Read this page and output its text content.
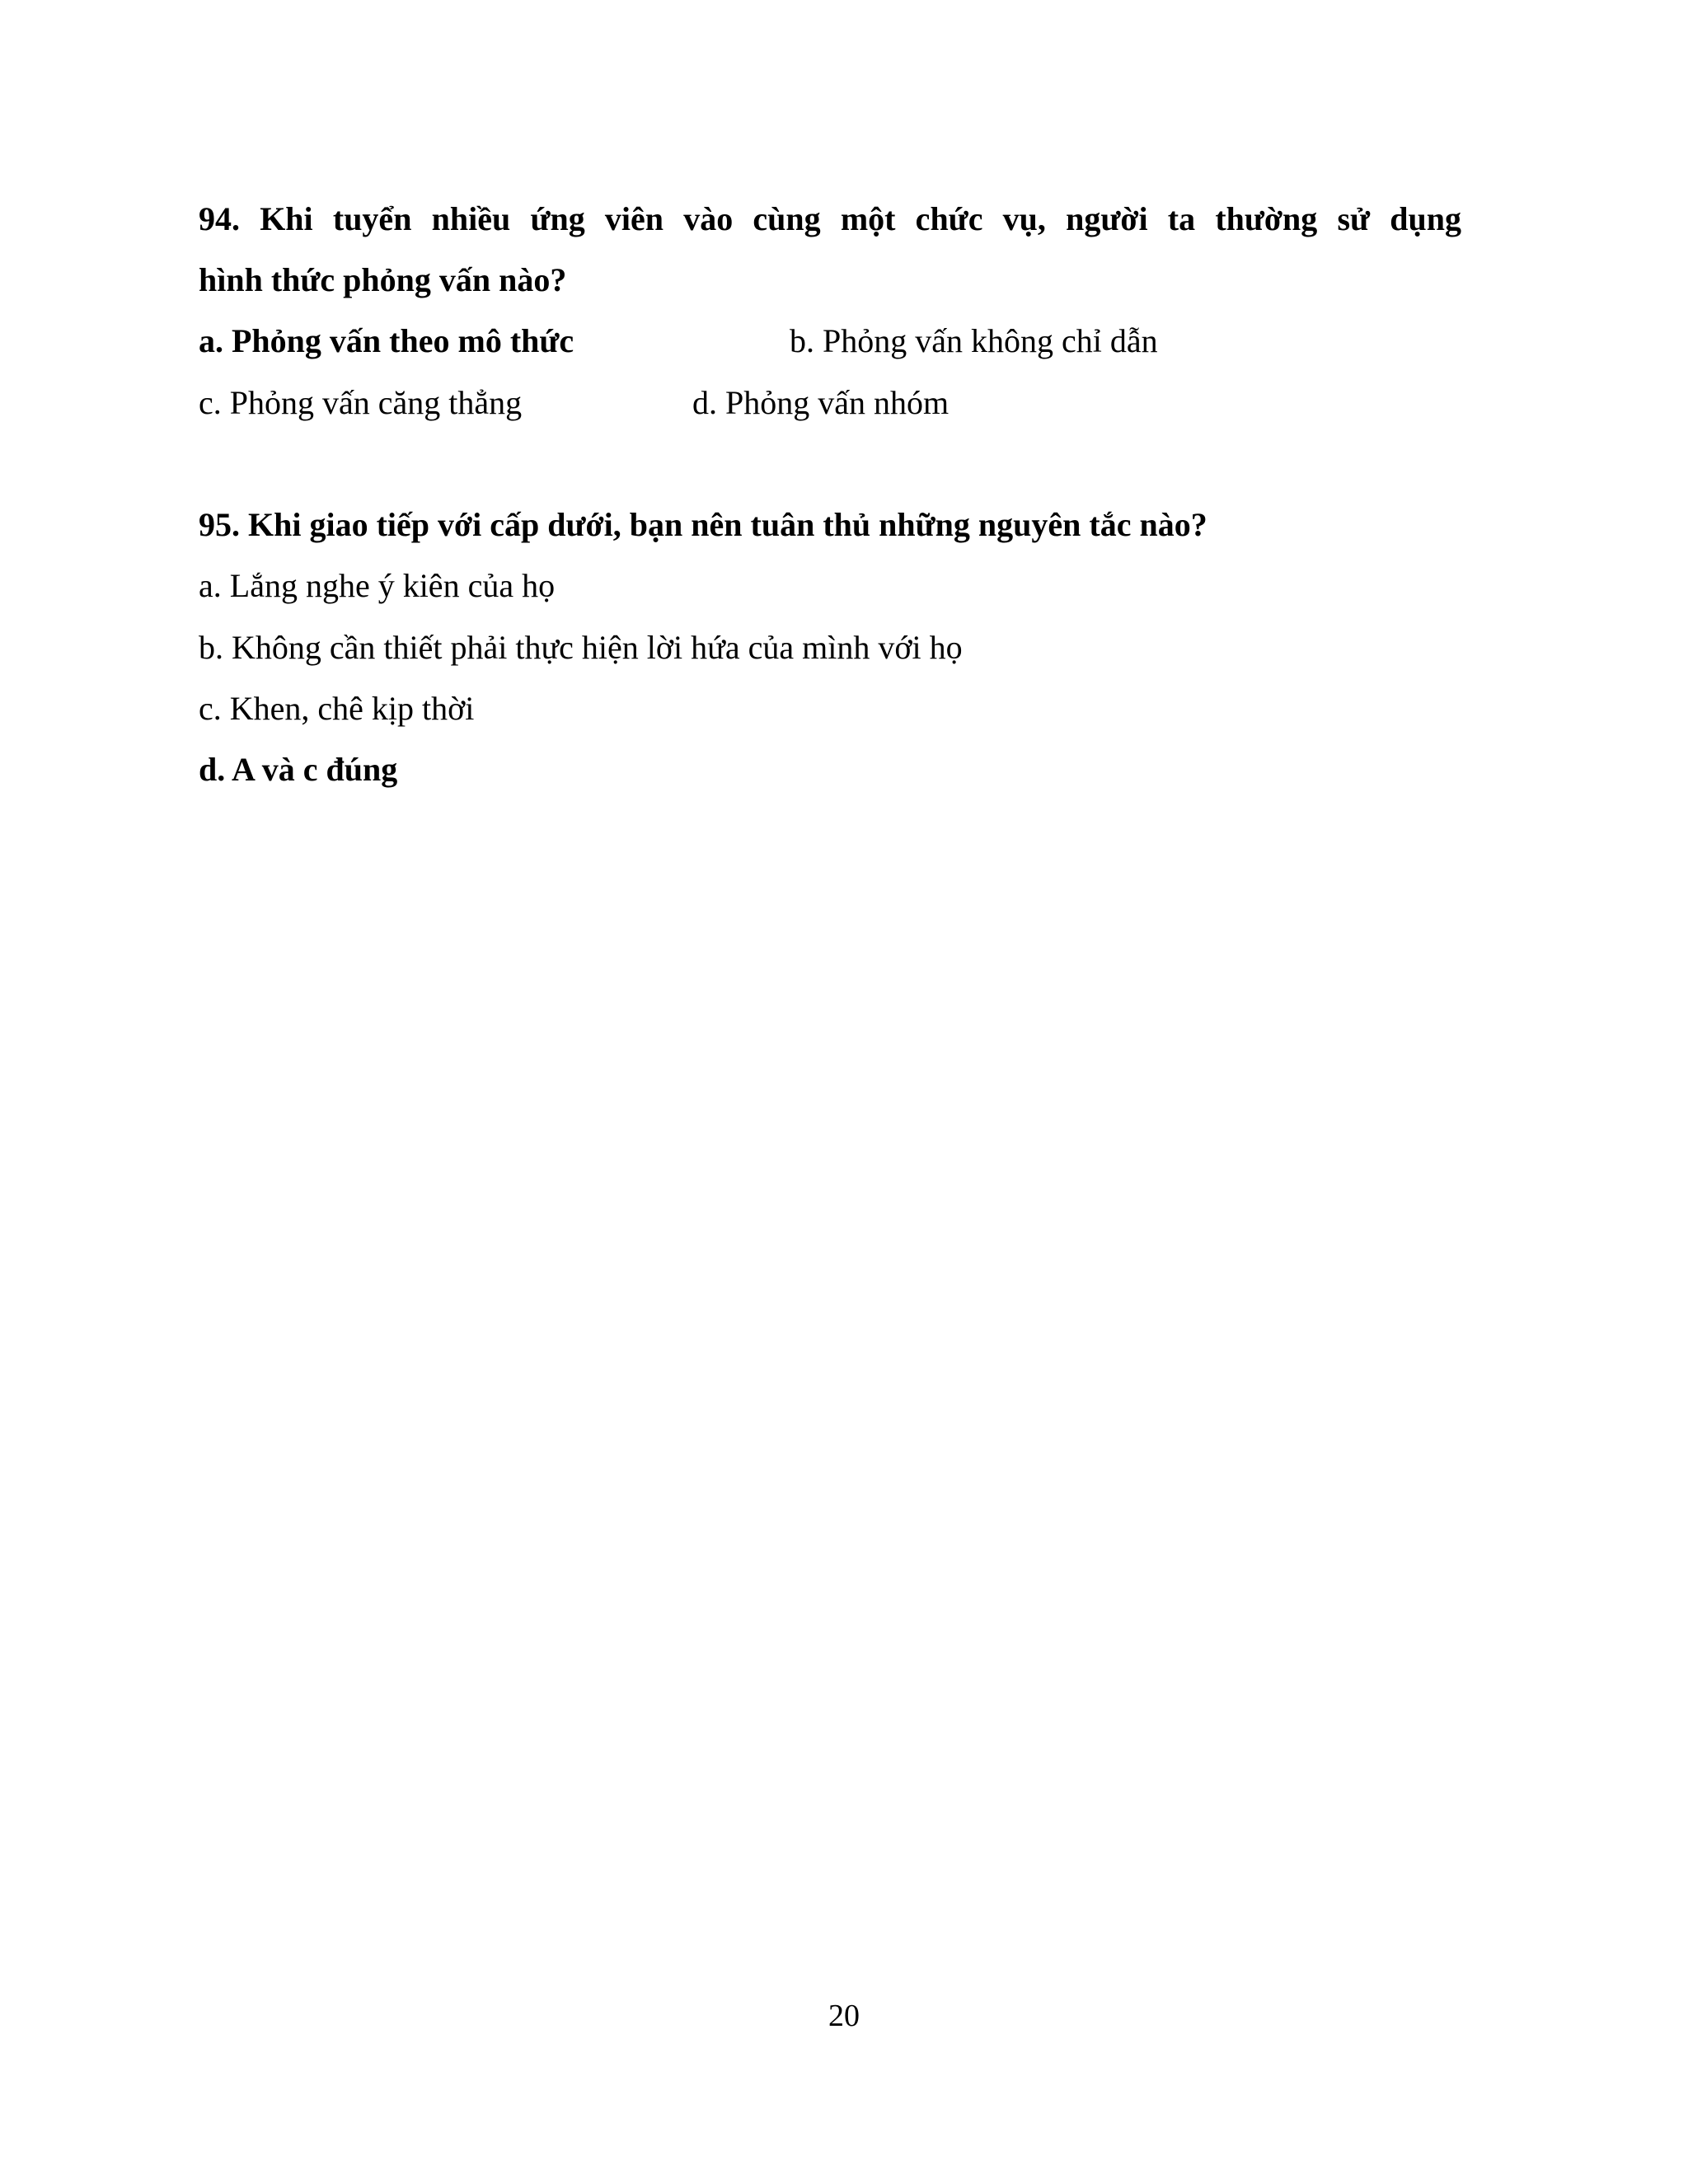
94. Khi tuyển nhiều ứng viên vào cùng một chức vụ, người ta thường sử dụng
hình thức phỏng vấn nào?
a. Phỏng vấn theo mô thức	b. Phỏng vấn không chỉ dẫn
c. Phỏng vấn căng thẳng	d. Phỏng vấn nhóm
95. Khi giao tiếp với cấp dưới, bạn nên tuân thủ những nguyên tắc nào?
a. Lắng nghe ý kiên của họ
b. Không cần thiết phải thực hiện lời hứa của mình với họ
c. Khen, chê kịp thời
d. A và c đúng
20
